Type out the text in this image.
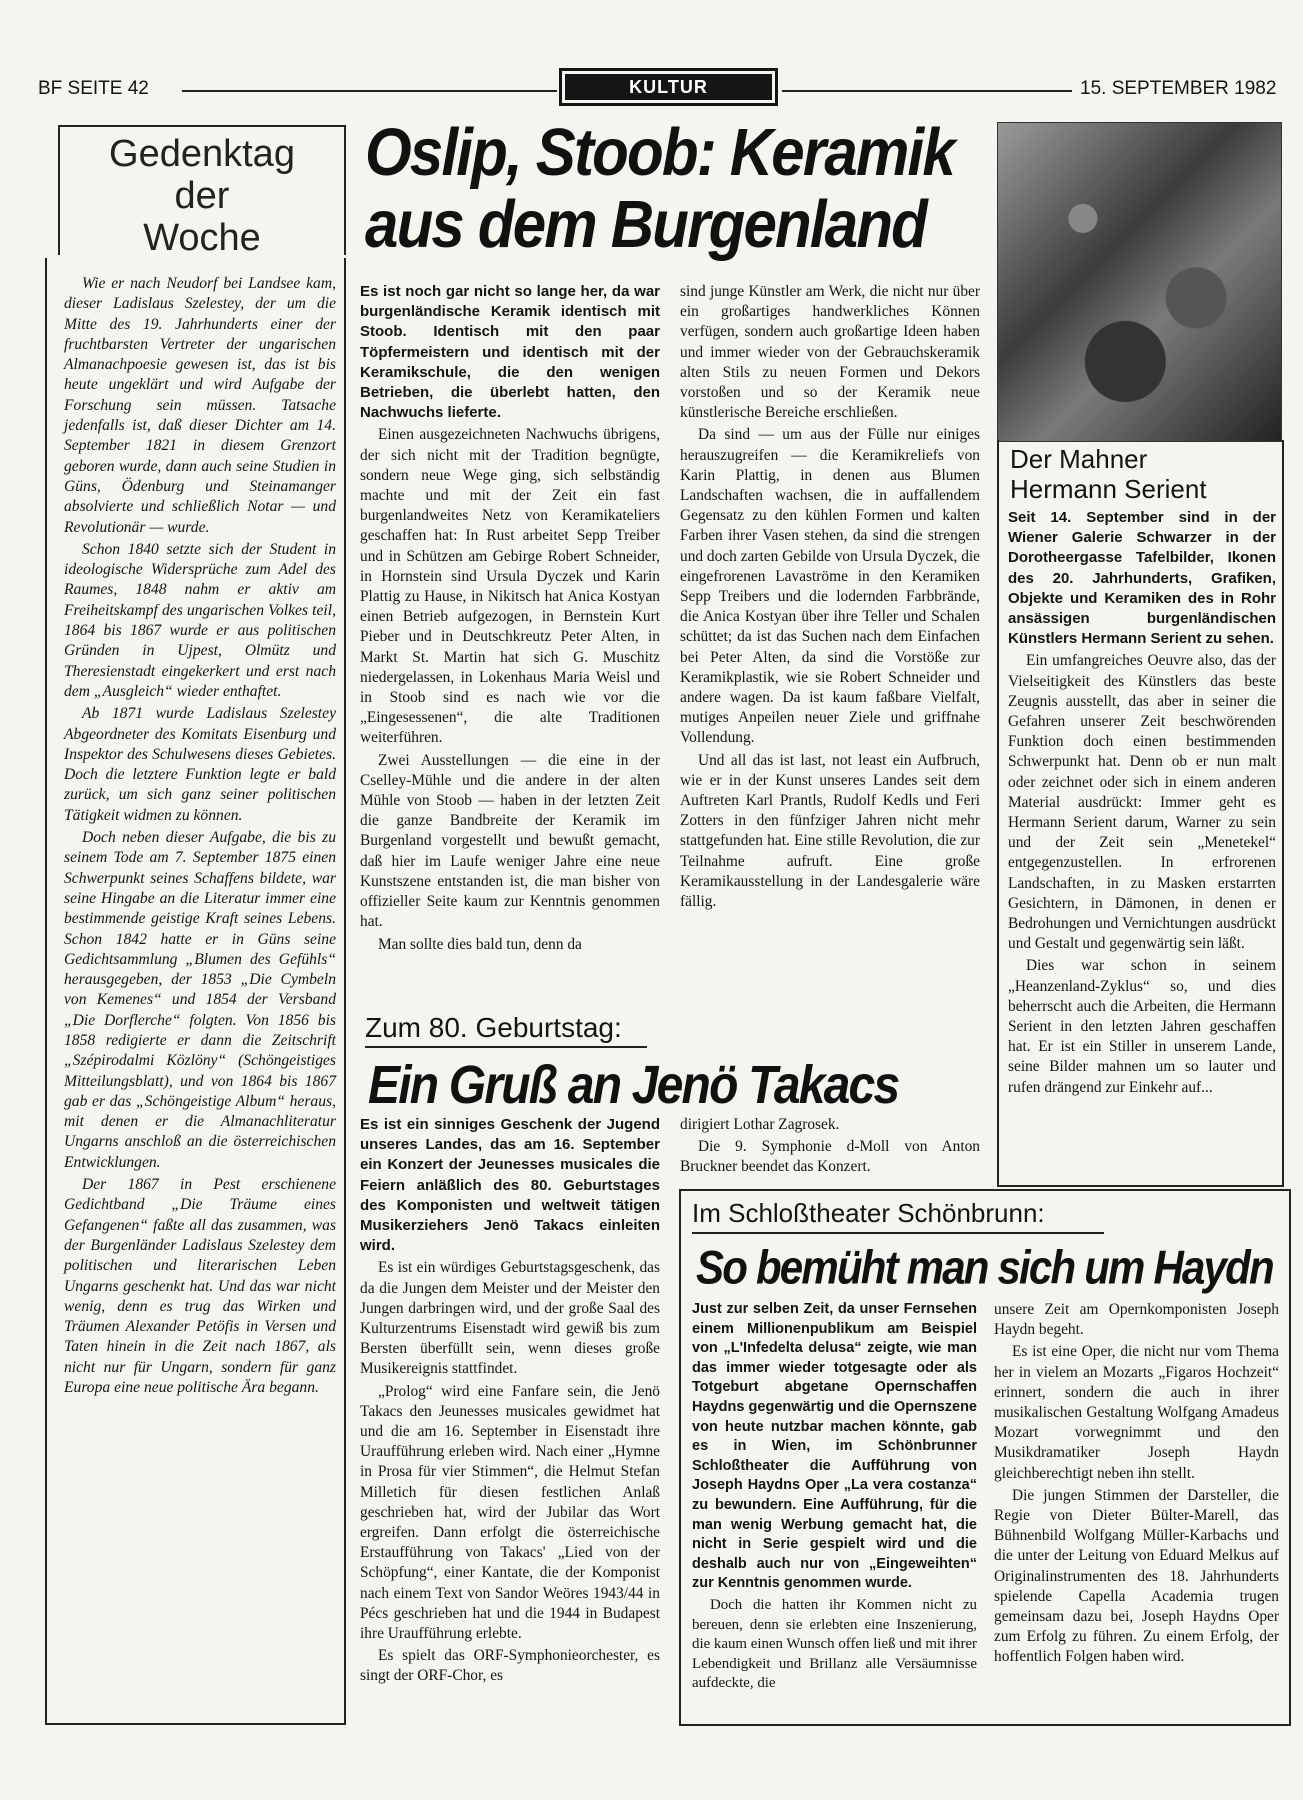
BF SEITE 42	KULTUR	15. SEPTEMBER 1982
Gedenktag
der
Woche

Wie er nach Neudorf bei Landsee kam, dieser Ladislaus Szelestey, der um die Mitte des 19. Jahrhunderts einer der fruchtbarsten Vertreter der ungarischen Almanachpoesie gewesen ist, das ist bis heute ungeklärt und wird Aufgabe der Forschung sein müssen. Tatsache jedenfalls ist, daß dieser Dichter am 14. September 1821 in diesem Grenzort geboren wurde, dann auch seine Studien in Güns, Ödenburg und Steinamanger absolvierte und schließlich Notar — und Revolutionär — wurde.

Schon 1840 setzte sich der Student in ideologische Widersprüche zum Adel des Raumes, 1848 nahm er aktiv am Freiheitskampf des ungarischen Volkes teil, 1864 bis 1867 wurde er aus politischen Gründen in Ujpest, Olmütz und Theresienstadt eingekerkert und erst nach dem „Ausgleich“ wieder enthaftet.

Ab 1871 wurde Ladislaus Szelestey Abgeordneter des Komitats Eisenburg und Inspektor des Schulwesens dieses Gebietes. Doch die letztere Funktion legte er bald zurück, um sich ganz seiner politischen Tätigkeit widmen zu können.

Doch neben dieser Aufgabe, die bis zu seinem Tode am 7. September 1875 einen Schwerpunkt seines Schaffens bildete, war seine Hingabe an die Literatur immer eine bestimmende geistige Kraft seines Lebens. Schon 1842 hatte er in Güns seine Gedichtsammlung „Blumen des Gefühls“ herausgegeben, der 1853 „Die Cymbeln von Kemenes“ und 1854 der Versband „Die Dorflerche“ folgten. Von 1856 bis 1858 redigierte er dann die Zeitschrift „Szépirodalmi Közlöny“ (Schöngeistiges Mitteilungsblatt), und von 1864 bis 1867 gab er das „Schöngeistige Album“ heraus, mit denen er die Almanachliteratur Ungarns anschloß an die österreichischen Entwicklungen.

Der 1867 in Pest erschienene Gedichtband „Die Träume eines Gefangenen“ faßte all das zusammen, was der Burgenländer Ladislaus Szelestey dem politischen und literarischen Leben Ungarns geschenkt hat. Und das war nicht wenig, denn es trug das Wirken und Träumen Alexander Petöfis in Versen und Taten hinein in die Zeit nach 1867, als nicht nur für Ungarn, sondern für ganz Europa eine neue politische Ära begann.

Oslip, Stoob: Keramik
aus dem Burgenland

Es ist noch gar nicht so lange her, da war burgenländische Keramik identisch mit Stoob. Identisch mit den paar Töpfermeistern und identisch mit der Keramikschule, die den wenigen Betrieben, die überlebt hatten, den Nachwuchs lieferte.

Einen ausgezeichneten Nachwuchs übrigens, der sich nicht mit der Tradition begnügte, sondern neue Wege ging, sich selbständig machte und mit der Zeit ein fast burgenlandweites Netz von Keramikateliers geschaffen hat: In Rust arbeitet Sepp Treiber und in Schützen am Gebirge Robert Schneider, in Hornstein sind Ursula Dyczek und Karin Plattig zu Hause, in Nikitsch hat Anica Kostyan einen Betrieb aufgezogen, in Bernstein Kurt Pieber und in Deutschkreutz Peter Alten, in Markt St. Martin hat sich G. Muschitz niedergelassen, in Lokenhaus Maria Weisl und in Stoob sind es nach wie vor die „Eingesessenen“, die alte Traditionen weiterführen.

Zwei Ausstellungen — die eine in der Cselley-Mühle und die andere in der alten Mühle von Stoob — haben in der letzten Zeit die ganze Bandbreite der Keramik im Burgenland vorgestellt und bewußt gemacht, daß hier im Laufe weniger Jahre eine neue Kunstszene entstanden ist, die man bisher von offizieller Seite kaum zur Kenntnis genommen hat.

Man sollte dies bald tun, denn da

sind junge Künstler am Werk, die nicht nur über ein großartiges handwerkliches Können verfügen, sondern auch großartige Ideen haben und immer wieder von der Gebrauchskeramik alten Stils zu neuen Formen und Dekors vorstoßen und so der Keramik neue künstlerische Bereiche erschließen.

Da sind — um aus der Fülle nur einiges herauszugreifen — die Keramikreliefs von Karin Plattig, in denen aus Blumen Landschaften wachsen, die in auffallendem Gegensatz zu den kühlen Formen und kalten Farben ihrer Vasen stehen, da sind die strengen und doch zarten Gebilde von Ursula Dyczek, die eingefrorenen Lavaströme in den Keramiken Sepp Treibers und die lodernden Farbbrände, die Anica Kostyan über ihre Teller und Schalen schüttet; da ist das Suchen nach dem Einfachen bei Peter Alten, da sind die Vorstöße zur Keramikplastik, wie sie Robert Schneider und andere wagen. Da ist kaum faßbare Vielfalt, mutiges Anpeilen neuer Ziele und griffnahe Vollendung.

Und all das ist last, not least ein Aufbruch, wie er in der Kunst unseres Landes seit dem Auftreten Karl Prantls, Rudolf Kedls und Feri Zotters in den fünfziger Jahren nicht mehr stattgefunden hat. Eine stille Revolution, die zur Teilnahme aufruft. Eine große Keramikausstellung in der Landesgalerie wäre fällig.

Der Mahner
Hermann Serient

Seit 14. September sind in der Wiener Galerie Schwarzer in der Dorotheergasse Tafelbilder, Ikonen des 20. Jahrhunderts, Grafiken, Objekte und Keramiken des in Rohr ansässigen burgenländischen Künstlers Hermann Serient zu sehen.

Ein umfangreiches Oeuvre also, das der Vielseitigkeit des Künstlers das beste Zeugnis ausstellt, das aber in seiner die Gefahren unserer Zeit beschwörenden Funktion doch einen bestimmenden Schwerpunkt hat. Denn ob er nun malt oder zeichnet oder sich in einem anderen Material ausdrückt: Immer geht es Hermann Serient darum, Warner zu sein und der Zeit sein „Menetekel“ entgegenzustellen. In erfrorenen Landschaften, in zu Masken erstarrten Gesichtern, in Dämonen, in denen er Bedrohungen und Vernichtungen ausdrückt und Gestalt und gegenwärtig sein läßt.

Dies war schon in seinem „Heanzenland-Zyklus“ so, und dies beherrscht auch die Arbeiten, die Hermann Serient in den letzten Jahren geschaffen hat. Er ist ein Stiller in unserem Lande, seine Bilder mahnen um so lauter und rufen drängend zur Einkehr auf...

Zum 80. Geburtstag:
Ein Gruß an Jenö Takacs

Es ist ein sinniges Geschenk der Jugend unseres Landes, das am 16. September ein Konzert der Jeunesses musicales die Feiern anläßlich des 80. Geburtstages des Komponisten und weltweit tätigen Musikerziehers Jenö Takacs einleiten wird.

Es ist ein würdiges Geburtstagsgeschenk, das da die Jungen dem Meister und der Meister den Jungen darbringen wird, und der große Saal des Kulturzentrums Eisenstadt wird gewiß bis zum Bersten überfüllt sein, wenn dieses große Musikereignis stattfindet.

„Prolog“ wird eine Fanfare sein, die Jenö Takacs den Jeunesses musicales gewidmet hat und die am 16. September in Eisenstadt ihre Uraufführung erleben wird. Nach einer „Hymne in Prosa für vier Stimmen“, die Helmut Stefan Milletich für diesen festlichen Anlaß geschrieben hat, wird der Jubilar das Wort ergreifen. Dann erfolgt die österreichische Erstaufführung von Takacs' „Lied von der Schöpfung“, einer Kantate, die der Komponist nach einem Text von Sandor Weöres 1943/44 in Pécs geschrieben hat und die 1944 in Budapest ihre Uraufführung erlebte.

Es spielt das ORF-Symphonieorchester, es singt der ORF-Chor, es

dirigiert Lothar Zagrosek.

Die 9. Symphonie d-Moll von Anton Bruckner beendet das Konzert.

Im Schloßtheater Schönbrunn:
So bemüht man sich um Haydn

Just zur selben Zeit, da unser Fernsehen einem Millionenpublikum am Beispiel von „L'Infedelta delusa“ zeigte, wie man das immer wieder totgesagte oder als Totgeburt abgetane Opernschaffen Haydns gegenwärtig und die Opernszene von heute nutzbar machen könnte, gab es in Wien, im Schönbrunner Schloßtheater die Aufführung von Joseph Haydns Oper „La vera costanza“ zu bewundern. Eine Aufführung, für die man wenig Werbung gemacht hat, die nicht in Serie gespielt wird und die deshalb auch nur von „Eingeweihten“ zur Kenntnis genommen wurde.

Doch die hatten ihr Kommen nicht zu bereuen, denn sie erlebten eine Inszenierung, die kaum einen Wunsch offen ließ und mit ihrer Lebendigkeit und Brillanz alle Versäumnisse aufdeckte, die

unsere Zeit am Opernkomponisten Joseph Haydn begeht.

Es ist eine Oper, die nicht nur vom Thema her in vielem an Mozarts „Figaros Hochzeit“ erinnert, sondern die auch in ihrer musikalischen Gestaltung Wolfgang Amadeus Mozart vorwegnimmt und den Musikdramatiker Joseph Haydn gleichberechtigt neben ihn stellt.

Die jungen Stimmen der Darsteller, die Regie von Dieter Bülter-Marell, das Bühnenbild Wolfgang Müller-Karbachs und die unter der Leitung von Eduard Melkus auf Originalinstrumenten des 18. Jahrhunderts spielende Capella Academia trugen gemeinsam dazu bei, Joseph Haydns Oper zum Erfolg zu führen. Zu einem Erfolg, der hoffentlich Folgen haben wird.
